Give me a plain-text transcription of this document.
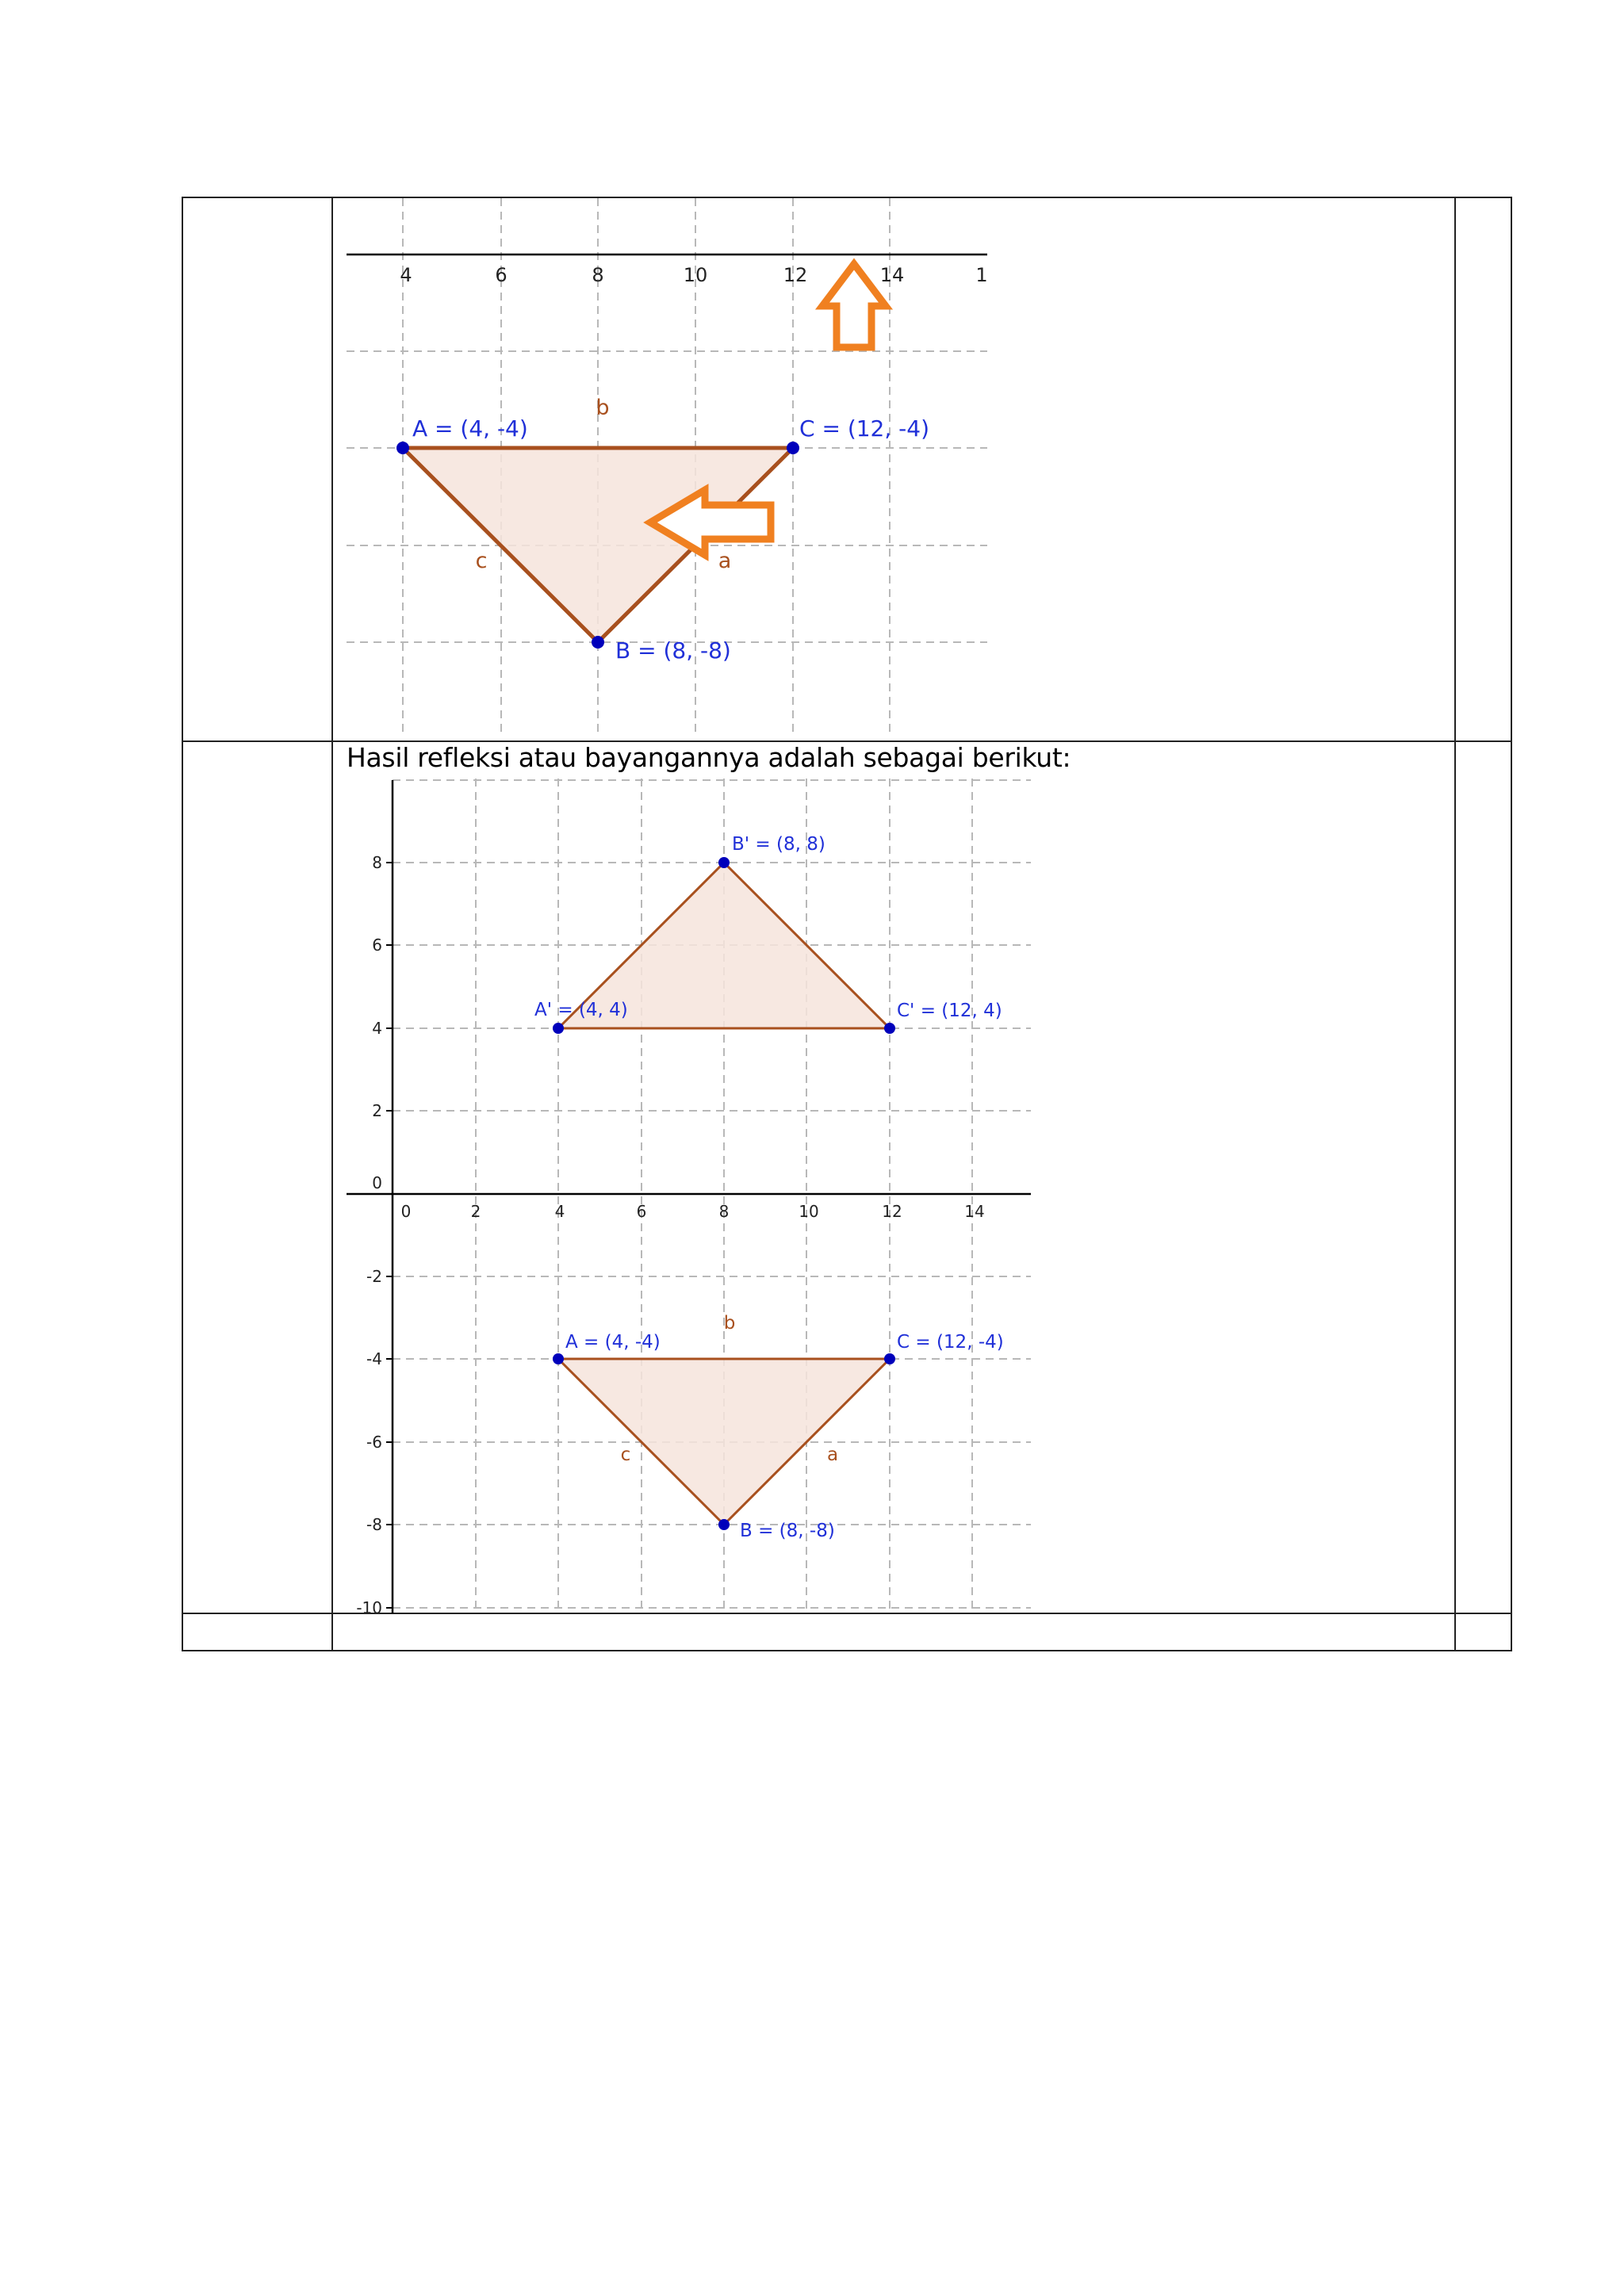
4	6	8	10	12	14	1
b
c	a
A = (4, -4)	C = (12, -4)
B = (8, -8)
Hasil refleksi atau bayangannya adalah sebagai berikut:
0	2	4	6	8	10	12	14
8
6
4
2
0
-2
-4
-6
-8
-10
b
c	a
B' = (8, 8)
A' = (4, 4)	C' = (12, 4)
A = (4, -4)	C = (12, -4)
B = (8, -8)
